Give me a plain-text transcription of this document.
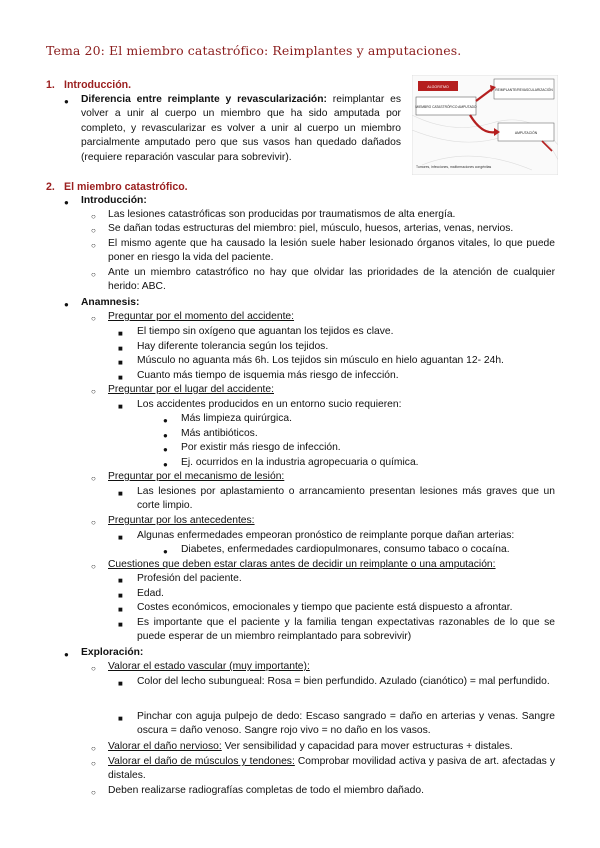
Tema 20: El miembro catastrófico: Reimplantes y amputaciones.
1. Introducción.
● Diferencia entre reimplante y revascularización: reimplantar es volver a unir al cuerpo un miembro que ha sido amputada por completo, y revascularizar es volver a unir al cuerpo un miembro parcialmente amputado pero que sus vasos han quedado dañados (requiere reparación vascular para sobrevivir).
ALGORITMO
MIEMBRO CATASTRÓFICO AMPUTADO
REIMPLANTE/REVASCULARIZACIÓN
AMPUTACIÓN
Tumores, infecciones, malformaciones congénitas
2. El miembro catastrófico.
● Introducción:
○ Las lesiones catastróficas son producidas por traumatismos de alta energía.
○ Se dañan todas estructuras del miembro: piel, músculo, huesos, arterias, venas, nervios.
○ El mismo agente que ha causado la lesión suele haber lesionado órganos vitales, lo que puede poner en riesgo la vida del paciente.
○ Ante un miembro catastrófico no hay que olvidar las prioridades de la atención de cualquier herido: ABC.
● Anamnesis:
○ Preguntar por el momento del accidente:
■ El tiempo sin oxígeno que aguantan los tejidos es clave.
■ Hay diferente tolerancia según los tejidos.
■ Músculo no aguanta más 6h. Los tejidos sin músculo en hielo aguantan 12- 24h.
■ Cuanto más tiempo de isquemia más riesgo de infección.
○ Preguntar por el lugar del accidente:
■ Los accidentes producidos en un entorno sucio requieren:
● Más limpieza quirúrgica.
● Más antibióticos.
● Por existir más riesgo de infección.
● Ej. ocurridos en la industria agropecuaria o química.
○ Preguntar por el mecanismo de lesión:
■ Las lesiones por aplastamiento o arrancamiento presentan lesiones más graves que un corte limpio.
○ Preguntar por los antecedentes:
■ Algunas enfermedades empeoran pronóstico de reimplante porque dañan arterias:
● Diabetes, enfermedades cardiopulmonares, consumo tabaco o cocaína.
○ Cuestiones que deben estar claras antes de decidir un reimplante o una amputación:
■ Profesión del paciente.
■ Edad.
■ Costes económicos, emocionales y tiempo que paciente está dispuesto a afrontar.
■ Es importante que el paciente y la familia tengan expectativas razonables de lo que se puede esperar de un miembro reimplantado para sobrevivir)
● Exploración:
○ Valorar el estado vascular (muy importante):
■ Color del lecho subungueal: Rosa = bien perfundido. Azulado (cianótico) = mal perfundido.
■ Pinchar con aguja pulpejo de dedo: Escaso sangrado = daño en arterias y venas. Sangre oscura = daño venoso. Sangre rojo vivo = no daño en los vasos.
○ Valorar el daño nervioso: Ver sensibilidad y capacidad para mover estructuras + distales.
○ Valorar el daño de músculos y tendones: Comprobar movilidad activa y pasiva de art. afectadas y distales.
○ Deben realizarse radiografías completas de todo el miembro dañado.
